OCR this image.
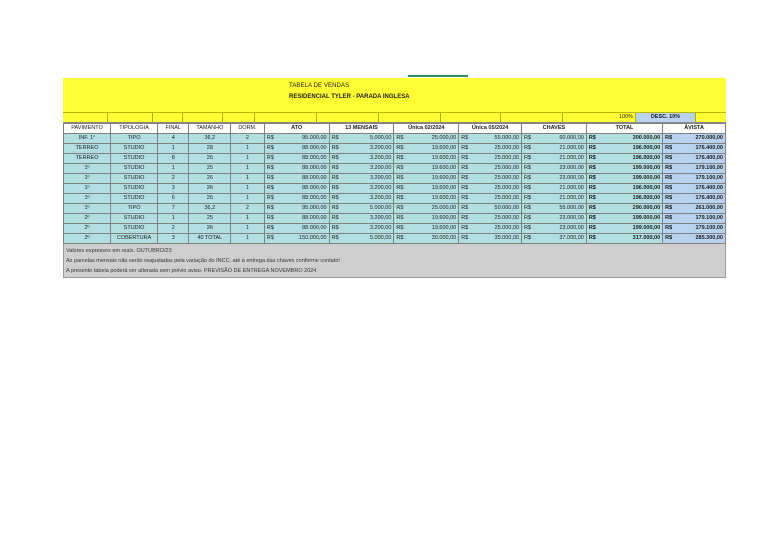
TABELA DE VENDAS
RESIDENCIAL TYLER - PARADA INGLESA
100%	DESC. 10%
PAVIMENTO	TIPOLOGIA	FINAL	TAMANHO	DORM.	ATO		13 MENSAIS		Única 02/2024		Única 05/2024		CHAVES		TOTAL		ÀVISTA	
INF. 1°	TIPO	4	36,2	2	R$	95.000,00	R$	5.000,00	R$	25.000,00	R$	55.000,00	R$	60.000,00	R$	300.000,00	R$	270.000,00
TERREO	STUDIO	1	28	1	R$	88.000,00	R$	3.200,00	R$	19.600,00	R$	25.000,00	R$	21.000,00	R$	196.000,00	R$	176.400,00
TERREO	STUDIO	8	26	1	R$	88.000,00	R$	3.200,00	R$	19.600,00	R$	25.000,00	R$	21.000,00	R$	196.000,00	R$	176.400,00
1º	STUDIO	1	25	1	R$	88.000,00	R$	3.200,00	R$	19.600,00	R$	25.000,00	R$	23.000,00	R$	199.000,00	R$	179.100,00
1º	STUDIO	2	26	1	R$	88.000,00	R$	3.200,00	R$	19.600,00	R$	25.000,00	R$	23.000,00	R$	199.000,00	R$	179.100,00
1º	STUDIO	3	26	1	R$	88.000,00	R$	3.200,00	R$	19.600,00	R$	25.000,00	R$	21.000,00	R$	196.000,00	R$	176.400,00
1º	STUDIO	6	26	1	R$	88.000,00	R$	3.200,00	R$	19.600,00	R$	25.000,00	R$	21.000,00	R$	196.000,00	R$	176.400,00
1º	TIPO	7	36,2	2	R$	95.000,00	R$	5.000,00	R$	25.000,00	R$	50.000,00	R$	55.000,00	R$	290.000,00	R$	261.000,00
2º	STUDIO	1	25	1	R$	88.000,00	R$	3.200,00	R$	19.600,00	R$	25.000,00	R$	23.000,00	R$	199.000,00	R$	179.100,00
2º	STUDIO	2	26	1	R$	88.000,00	R$	3.200,00	R$	19.600,00	R$	25.000,00	R$	23.000,00	R$	199.000,00	R$	179.100,00
2º	COBERTURA	3	40 TOTAL	1	R$	150.000,00	R$	5.000,00	R$	30.000,00	R$	35.000,00	R$	37.000,00	R$	317.000,00	R$	285.300,00
Valores expressos em reais. OUTUBRO/23
As parcelas mensais não serão reajustadas pela variação do INCC, até a entrega das chaves conforme contato!
A presente tabela poderá ser alterada sem prévio aviso. PREVISÃO DE ENTREGA NOVEMBRO 2024
